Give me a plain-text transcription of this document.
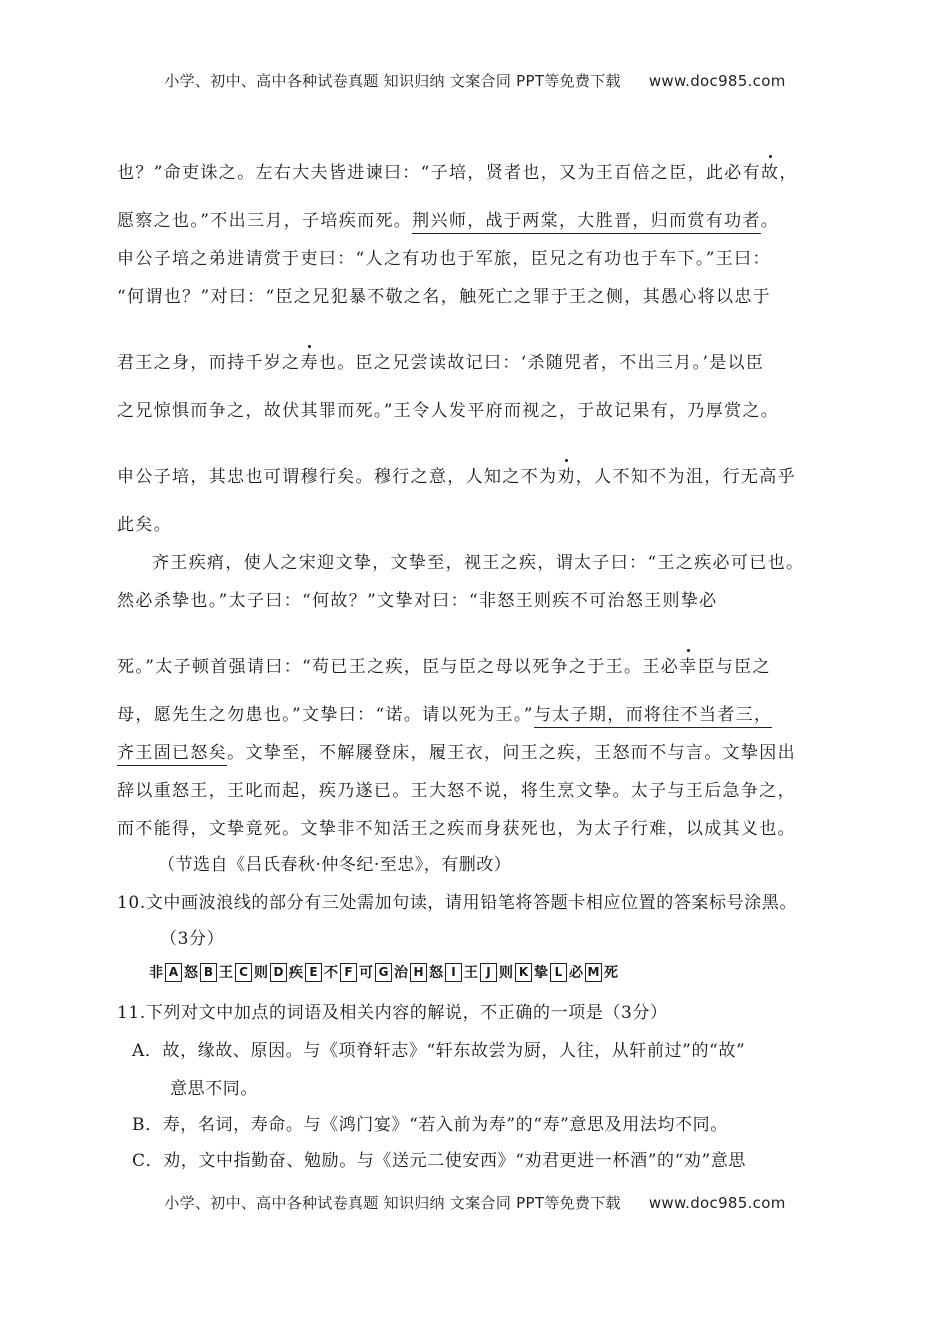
小学、初中、高中各种试卷真题 知识归纳 文案合同 PPT等免费下载 www.doc985.com
也？”命吏诛之。左右大夫皆进谏曰：“子培，贤者也，又为王百倍之臣，此必有故，
愿察之也。”不出三月，子培疾而死。荆兴师，战于两棠，大胜晋，归而赏有功者。
申公子培之弟进请赏于吏曰：“人之有功也于军旅，臣兄之有功也于车下。”王曰：
“何谓也？”对曰：“臣之兄犯暴不敬之名，触死亡之罪于王之侧，其愚心将以忠于
君王之身，而持千岁之寿也。臣之兄尝读故记曰：‘杀随兕者，不出三月。’是以臣
之兄惊惧而争之，故伏其罪而死。”王令人发平府而视之，于故记果有，乃厚赏之。
申公子培，其忠也可谓穆行矣。穆行之意，人知之不为劝，人不知不为沮，行无高乎
此矣。
齐王疾痟，使人之宋迎文挚，文挚至，视王之疾，谓太子曰：“王之疾必可已也。
然必杀挚也。”太子曰：“何故？”文挚对曰：“非怒王则疾不可治怒王则挚必
死。”太子顿首强请曰：“苟已王之疾，臣与臣之母以死争之于王。王必幸臣与臣之
母，愿先生之勿患也。”文挚曰：“诺。请以死为王。”与太子期，而将往不当者三，
齐王固已怒矣。文挚至，不解屦登床，履王衣，问王之疾，王怒而不与言。文挚因出
辞以重怒王，王叱而起，疾乃遂已。王大怒不说，将生烹文挚。太子与王后急争之，
而不能得，文挚竟死。文挚非不知活王之疾而身获死也，为太子行难，以成其义也。
（节选自《吕氏春秋·仲冬纪·至忠》，有删改）
10.文中画波浪线的部分有三处需加句读，请用铅笔将答题卡相应位置的答案标号涂黑。
（3分）
非 A 怒 B 王 C 则 D 疾 E 不 F 可 G 治 H 怒 I 王 J 则 K 挚 L 必 M 死
11.下列对文中加点的词语及相关内容的解说，不正确的一项是（3分）
A．故，缘故、原因。与《项脊轩志》“轩东故尝为厨，人往，从轩前过”的“故”
意思不同。
B．寿，名词，寿命。与《鸿门宴》“若入前为寿”的“寿”意思及用法均不同。
C．劝，文中指勤奋、勉励。与《送元二使安西》“劝君更进一杯酒”的“劝”意思
小学、初中、高中各种试卷真题 知识归纳 文案合同 PPT等免费下载 www.doc985.com
